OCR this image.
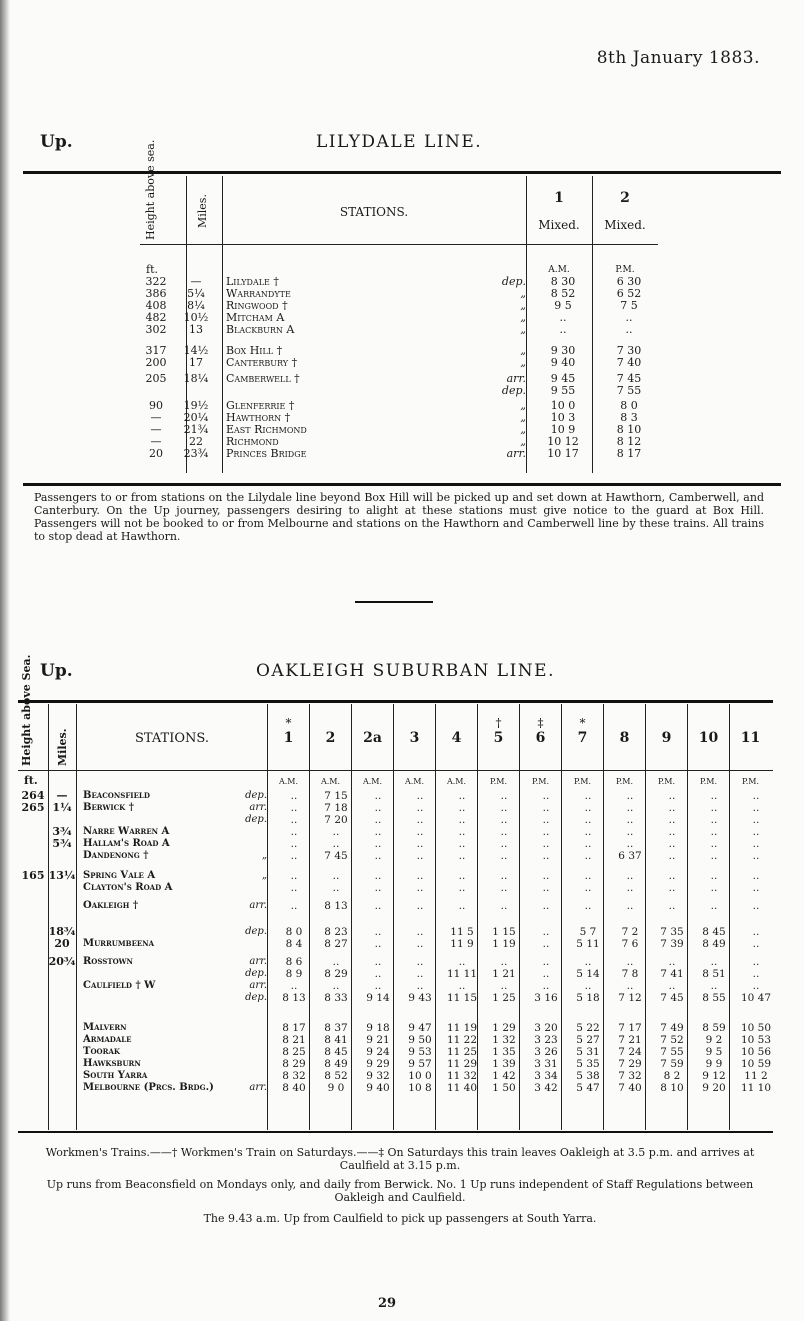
8th January 1883.
Up.	LILYDALE LINE.
Height above sea.	Miles.	STATIONS.
1
Mixed.
2
Mixed.
ft.	A.M.	P.M.
322	—	Lilydale †	dep.	8 30	6 30
386	5¼	Warrandyte	„	8 52	6 52
408	8¼	Ringwood †	„	9 5	7 5
482	10½	Mitcham A	„	..	..
302	13	Blackburn A	„	..	..
317	14½	Box Hill †	„	9 30	7 30
200	17	Canterbury †	„	9 40	7 40
205	18¼	Camberwell †	arr.	9 45	7 45
			dep.	9 55	7 55
90	19½	Glenferrie †	„	10 0	8 0
—	20¼	Hawthorn †	„	10 3	8 3
—	21¾	East Richmond	„	10 9	8 10
—	22	Richmond	„	10 12	8 12
20	23¾	Princes Bridge	arr.	10 17	8 17
Passengers to or from stations on the Lilydale line beyond Box Hill will be picked up and set down at Hawthorn, Camberwell, and Canterbury. On the Up journey, passengers desiring to alight at these stations must give notice to the guard at Box Hill. Passengers will not be booked to or from Melbourne and stations on the Hawthorn and Camberwell line by these trains. All trains to stop dead at Hawthorn.
Up.	OAKLEIGH SUBURBAN LINE.
Height above Sea. Miles.	STATIONS.
*
1
A.M.
2
A.M.
2a
A.M.
3
A.M.
4
A.M.
†
5
P.M.
‡
6
P.M.
*
7
P.M.
8
P.M.
9
P.M.
10
P.M.
11
P.M.
ft.
264	—	Beaconsfield	dep.	..	7 15	..	..	..	..	..	..	..	..	..	..
265	1¼	Berwick †	arr.	..	7 18	..	..	..	..	..	..	..	..	..	..
			dep.	..	7 20	..	..	..	..	..	..	..	..	..	..
	3¾	Narre Warren A		..	..	..	..	..	..	..	..	..	..	..	..
	5¾	Hallam's Road A		..	..	..	..	..	..	..	..	..	..	..	..
		Dandenong †	„	..	7 45	..	..	..	..	..	..	6 37	..	..	..
165	13¼	Spring Vale A	„	..	..	..	..	..	..	..	..	..	..	..	..
		Clayton's Road A		..	..	..	..	..	..	..	..	..	..	..	..
		Oakleigh †	arr.	..	8 13	..	..	..	..	..	..	..	..	..	..
	18¾		dep.	8 0	8 23	..	..	11 5	1 15	..	5 7	7 2	7 35	8 45	..
	20	Murrumbeena		8 4	8 27	..	..	11 9	1 19	..	5 11	7 6	7 39	8 49	..
	20¾	Rosstown	arr.	8 6	..	..	..	..	..	..	..	..	..	..	..
			dep.	8 9	8 29	..	..	11 11	1 21	..	5 14	7 8	7 41	8 51	..
		Caulfield † W	arr.	..	..	..	..	..	..	..	..	..	..	..	..
			dep.	8 13	8 33	9 14	9 43	11 15	1 25	3 16	5 18	7 12	7 45	8 55	10 47
		Malvern		8 17	8 37	9 18	9 47	11 19	1 29	3 20	5 22	7 17	7 49	8 59	10 50
		Armadale		8 21	8 41	9 21	9 50	11 22	1 32	3 23	5 27	7 21	7 52	9 2	10 53
		Toorak		8 25	8 45	9 24	9 53	11 25	1 35	3 26	5 31	7 24	7 55	9 5	10 56
		Hawksburn		8 29	8 49	9 29	9 57	11 29	1 39	3 31	5 35	7 29	7 59	9 9	10 59
		South Yarra		8 32	8 52	9 32	10 0	11 32	1 42	3 34	5 38	7 32	8 2	9 12	11 2
		Melbourne (Prcs. Brdg.)	arr.	8 40	9 0	9 40	10 8	11 40	1 50	3 42	5 47	7 40	8 10	9 20	11 10
Workmen's Trains.——† Workmen's Train on Saturdays.——‡ On Saturdays this train leaves Oakleigh at 3.5 p.m. and arrives at Caulfield at 3.15 p.m.
Up runs from Beaconsfield on Mondays only, and daily from Berwick. No. 1 Up runs independent of Staff Regulations between Oakleigh and Caulfield.
The 9.43 a.m. Up from Caulfield to pick up passengers at South Yarra.
29
